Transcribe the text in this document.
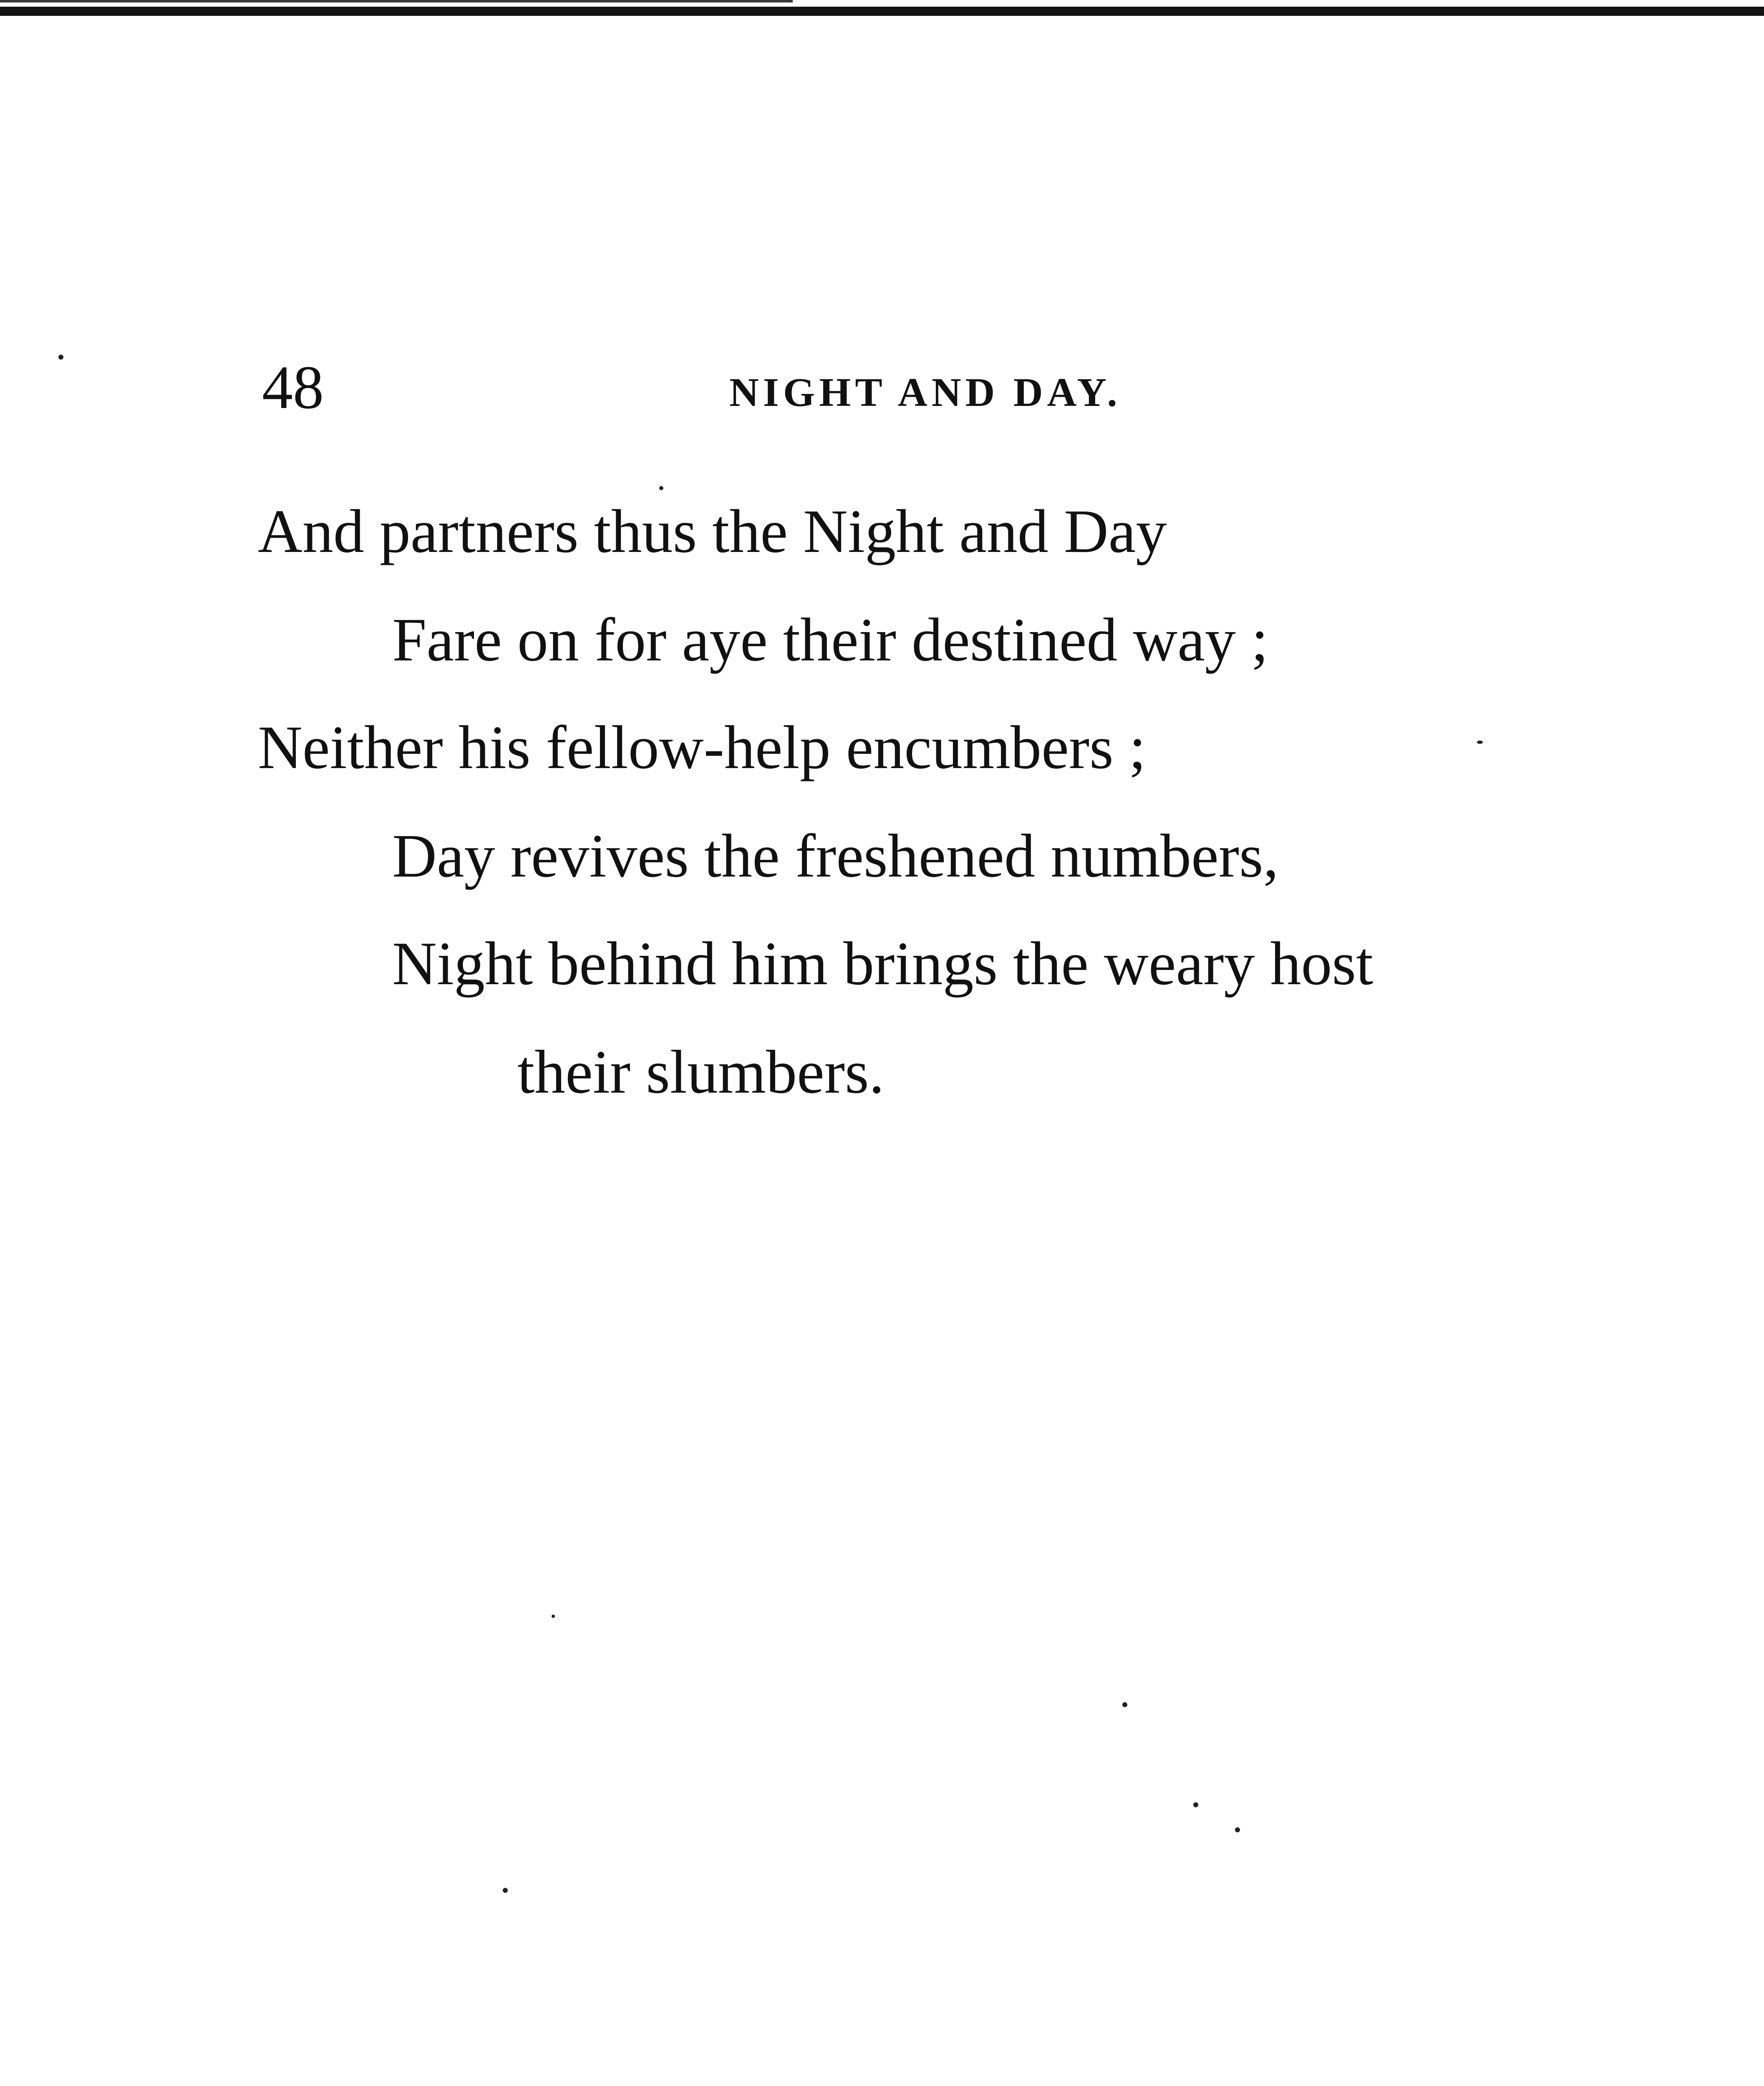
48	NIGHT AND DAY.
And partners thus the Night and Day
Fare on for aye their destined way ;
Neither his fellow-help encumbers ;
Day revives the freshened numbers,
Night behind him brings the weary host
their slumbers.
